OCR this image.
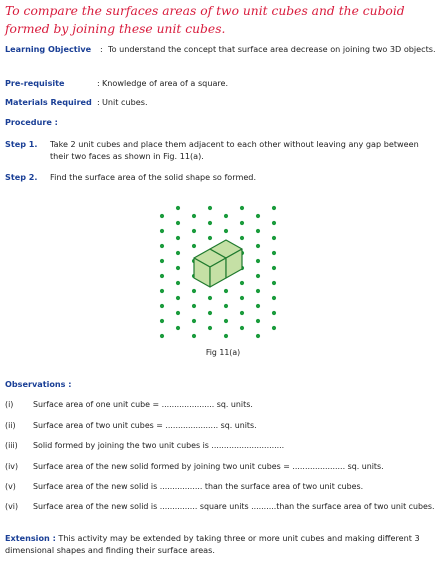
To compare the surfaces areas of two unit cubes and the cuboid formed by joining these unit cubes.
Learning Objective : To understand the concept that surface area decrease on joining two 3D objects.
Pre-requisite	: Knowledge of area of a square.
Materials Required : Unit cubes.
Procedure :
Step 1. Take 2 unit cubes and place them adjacent to each other without leaving any gap between their two faces as shown in Fig. 11(a).
Step 2. Find the surface area of the solid shape so formed.
Fig 11(a)
Observations :
(i) Surface area of one unit cube = ..................... sq. units.
(ii) Surface area of two unit cubes = ..................... sq. units.
(iii) Solid formed by joining the two unit cubes is .............................
(iv) Surface area of the new solid formed by joining two unit cubes = ..................... sq. units.
(v) Surface area of the new solid is ................. than the surface area of two unit cubes.
(vi) Surface area of the new solid is ............... square units ..........than the surface area of two unit cubes.
Extension : This activity may be extended by taking three or more unit cubes and making different 3 dimensional shapes and finding their surface areas.
